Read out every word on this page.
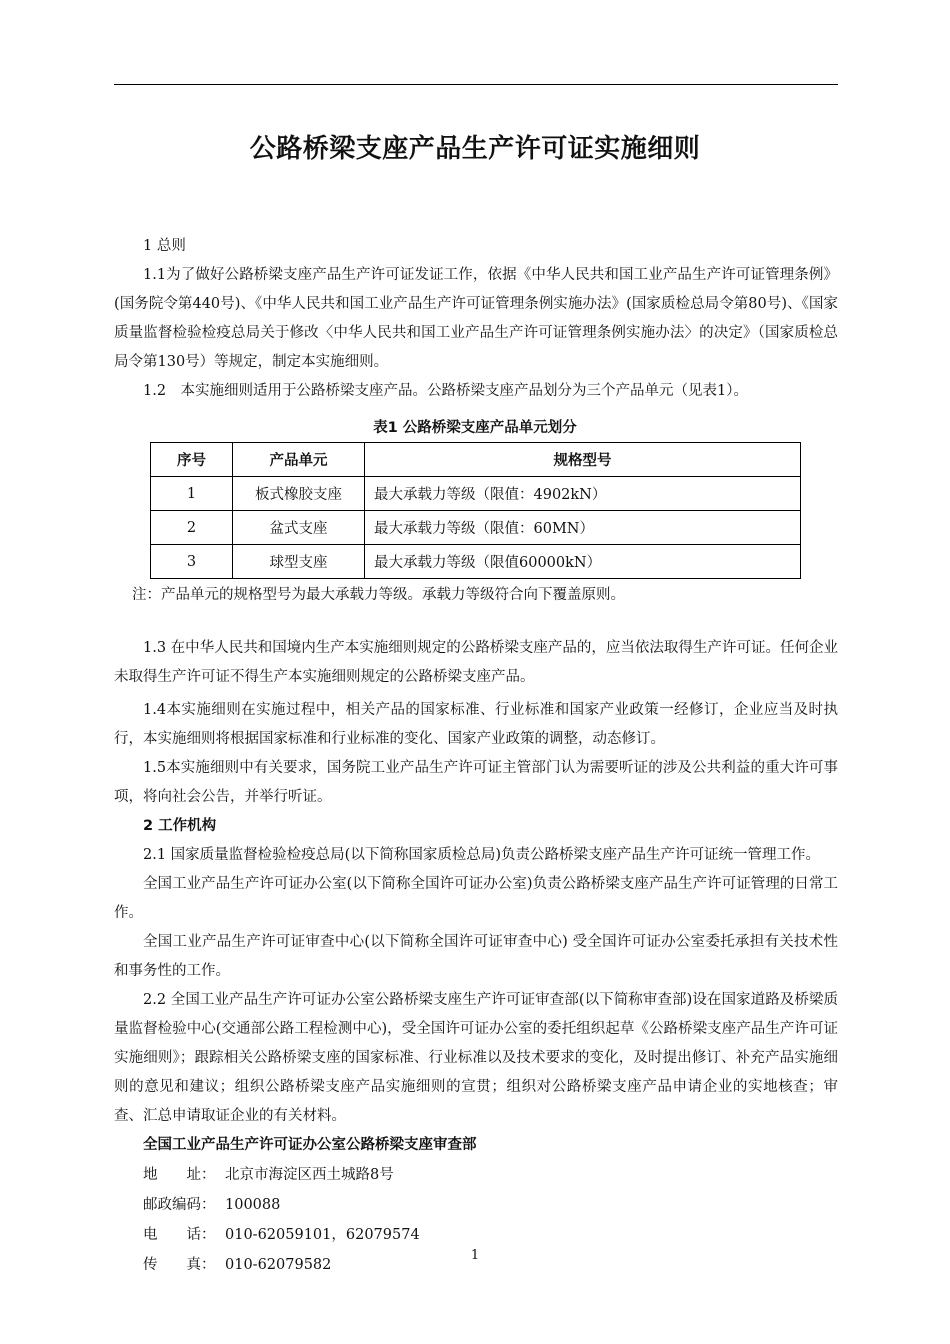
公路桥梁支座产品生产许可证实施细则

1 总则

1.1为了做好公路桥梁支座产品生产许可证发证工作，依据《中华人民共和国工业产品生产许可证管理条例》(国务院令第440号)、《中华人民共和国工业产品生产许可证管理条例实施办法》(国家质检总局令第80号)、《国家质量监督检验检疫总局关于修改〈中华人民共和国工业产品生产许可证管理条例实施办法〉的决定》（国家质检总局令第130号）等规定，制定本实施细则。

1.2　本实施细则适用于公路桥梁支座产品。公路桥梁支座产品划分为三个产品单元（见表1）。

表1 公路桥梁支座产品单元划分
序号	产品单元	规格型号
1	板式橡胶支座	最大承载力等级（限值：4902kN）
2	盆式支座	最大承载力等级（限值：60MN）
3	球型支座	最大承载力等级（限值60000kN）
注：产品单元的规格型号为最大承载力等级。承载力等级符合向下覆盖原则。

1.3 在中华人民共和国境内生产本实施细则规定的公路桥梁支座产品的，应当依法取得生产许可证。任何企业未取得生产许可证不得生产本实施细则规定的公路桥梁支座产品。

1.4本实施细则在实施过程中，相关产品的国家标准、行业标准和国家产业政策一经修订，企业应当及时执行，本实施细则将根据国家标准和行业标准的变化、国家产业政策的调整，动态修订。

1.5本实施细则中有关要求，国务院工业产品生产许可证主管部门认为需要听证的涉及公共利益的重大许可事项，将向社会公告，并举行听证。

2 工作机构

2.1 国家质量监督检验检疫总局(以下简称国家质检总局)负责公路桥梁支座产品生产许可证统一管理工作。

全国工业产品生产许可证办公室(以下简称全国许可证办公室)负责公路桥梁支座产品生产许可证管理的日常工作。

全国工业产品生产许可证审查中心(以下简称全国许可证审查中心) 受全国许可证办公室委托承担有关技术性和事务性的工作。

2.2 全国工业产品生产许可证办公室公路桥梁支座生产许可证审查部(以下简称审查部)设在国家道路及桥梁质量监督检验中心(交通部公路工程检测中心)，受全国许可证办公室的委托组织起草《公路桥梁支座产品生产许可证实施细则》；跟踪相关公路桥梁支座的国家标准、行业标准以及技术要求的变化，及时提出修订、补充产品实施细则的意见和建议；组织公路桥梁支座产品实施细则的宣贯；组织对公路桥梁支座产品申请企业的实地核查；审查、汇总申请取证企业的有关材料。

全国工业产品生产许可证办公室公路桥梁支座审查部

地　　址： 北京市海淀区西土城路8号

邮政编码： 100088

电　　话： 010-62059101，62079574

传　　真： 010-62079582

1
